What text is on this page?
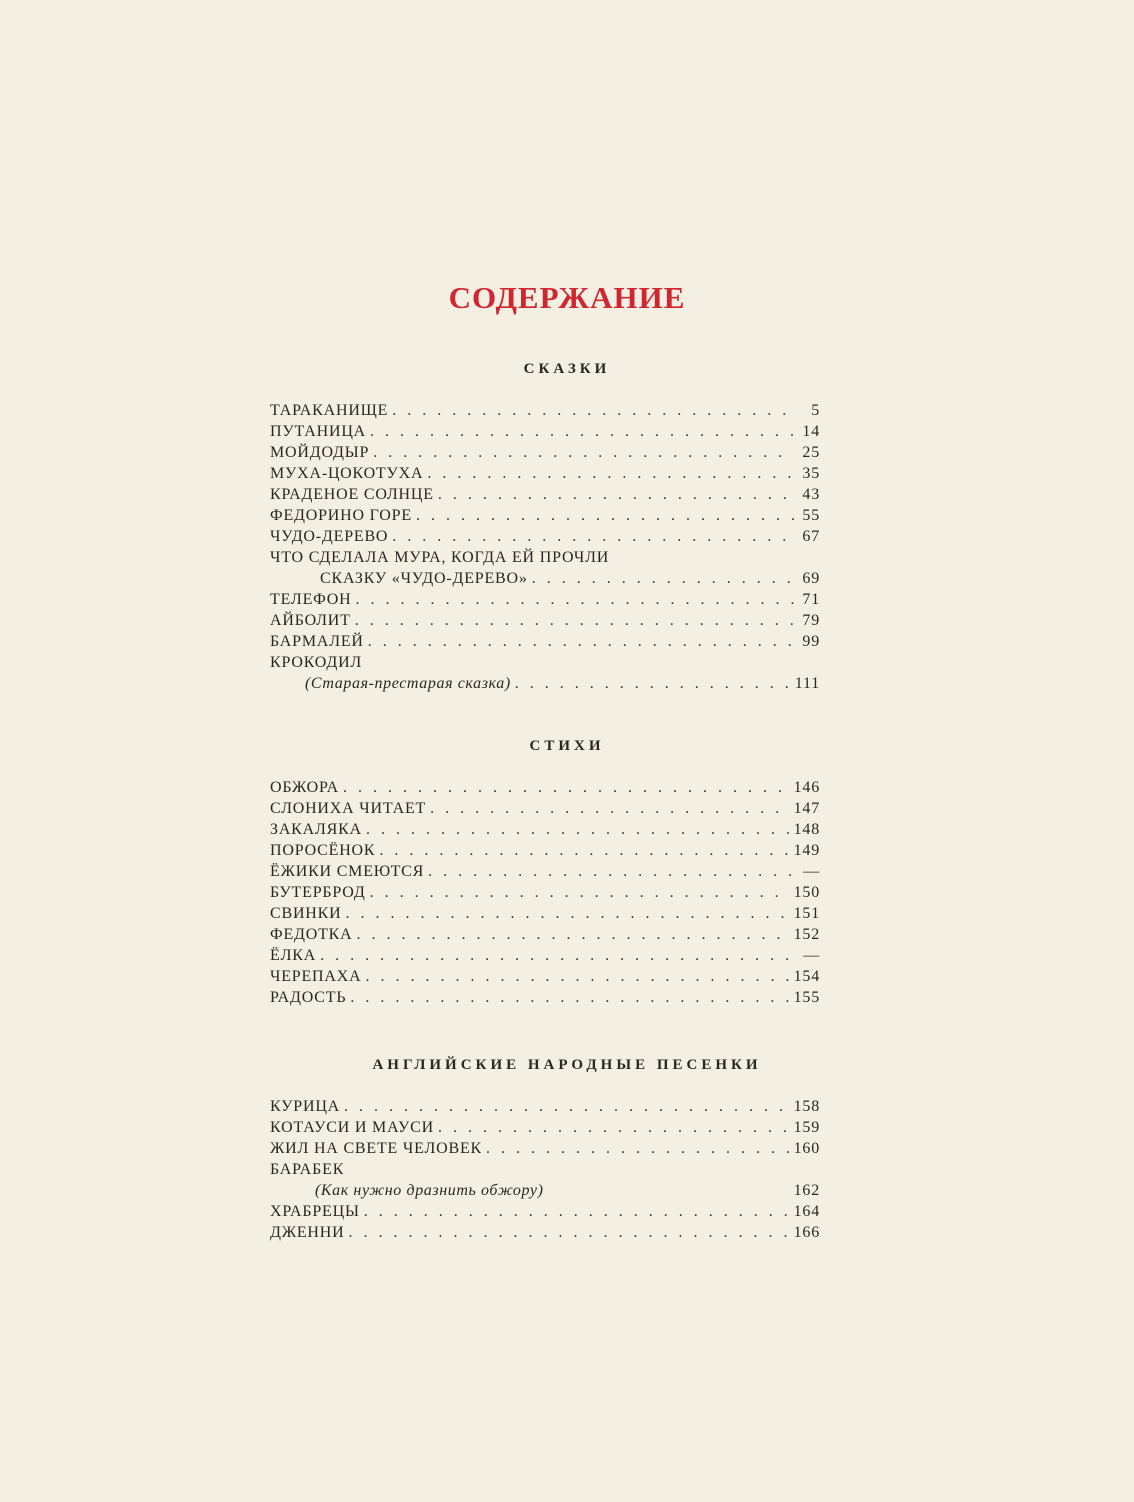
СОДЕРЖАНИЕ
СКАЗКИ
ТАРАКАНИЩЕ . . .	5
ПУТАНИЦА . . .	14
МОЙДОДЫР . . .	25
МУХА-ЦОКОТУХА . . .	35
КРАДЕНОЕ СОЛНЦЕ . . .	43
ФЕДОРИНО ГОРЕ . . .	55
ЧУДО-ДЕРЕВО . . .	67
ЧТО СДЕЛАЛА МУРА, КОГДА ЕЙ ПРОЧЛИ
СКАЗКУ «ЧУДО-ДЕРЕВО» . . .	69
ТЕЛЕФОН . . .	71
АЙБОЛИТ . . .	79
БАРМАЛЕЙ . . .	99
КРОКОДИЛ
(Старая-престарая сказка) . . .	111
СТИХИ
ОБЖОРА . . .	146
СЛОНИХА ЧИТАЕТ . . .	147
ЗАКАЛЯКА . . .	148
ПОРОСЁНОК . . .	149
ЁЖИКИ СМЕЮТСЯ . . .	—
БУТЕРБРОД . . .	150
СВИНКИ . . .	151
ФЕДОТКА . . .	152
ЁЛКА . . .	—
ЧЕРЕПАХА . . .	154
РАДОСТЬ . . .	155
АНГЛИЙСКИЕ НАРОДНЫЕ ПЕСЕНКИ
КУРИЦА . . .	158
КОТАУСИ И МАУСИ . . .	159
ЖИЛ НА СВЕТЕ ЧЕЛОВЕК . . .	160
БАРАБЕК
(Как нужно дразнить обжору)	162
ХРАБРЕЦЫ . . .	164
ДЖЕННИ . . .	166
